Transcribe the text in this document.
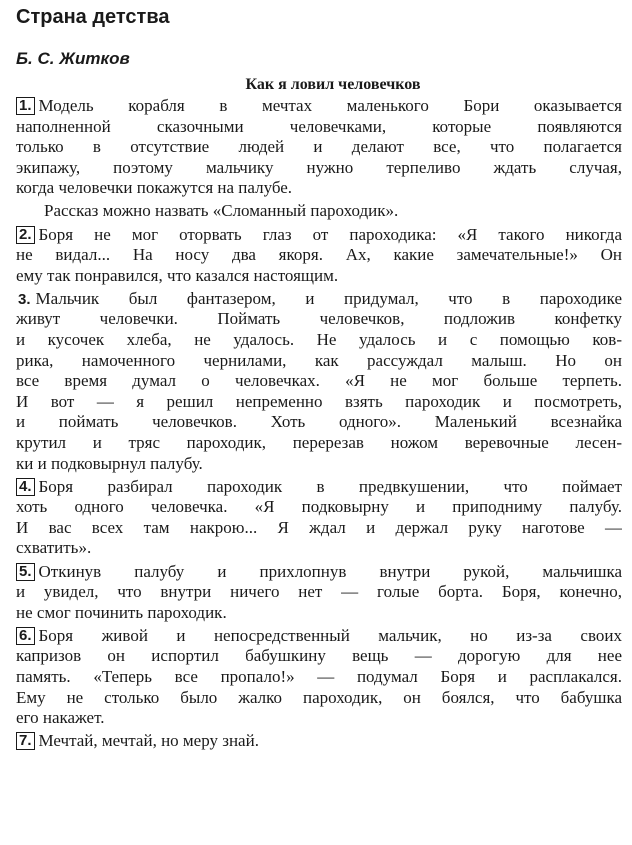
Страна детства
Б. С. Житков
Как я ловил человечков
1. Модель корабля в мечтах маленького Бори оказывается
наполненной сказочными человечками, которые появляются
только в отсутствие людей и делают все, что полагается
экипажу, поэтому мальчику нужно терпеливо ждать случая,
когда человечки покажутся на палубе.
Рассказ можно назвать «Сломанный пароходик».
2. Боря не мог оторвать глаз от пароходика: «Я такого никогда
не видал... На носу два якоря. Ах, какие замечательные!» Он
ему так понравился, что казался настоящим.
3. Мальчик был фантазером, и придумал, что в пароходике
живут человечки. Поймать человечков, подложив конфетку
и кусочек хлеба, не удалось. Не удалось и с помощью ков-
рика, намоченного чернилами, как рассуждал малыш. Но он
все время думал о человечках. «Я не мог больше терпеть.
И вот — я решил непременно взять пароходик и посмотреть,
и поймать человечков. Хоть одного». Маленький всезнайка
крутил и тряс пароходик, перерезав ножом веревочные лесен-
ки и подковырнул палубу.
4. Боря разбирал пароходик в предвкушении, что поймает
хоть одного человечка. «Я подковырну и приподниму палубу.
И вас всех там накрою... Я ждал и держал руку наготове —
схватить».
5. Откинув палубу и прихлопнув внутри рукой, мальчишка
и увидел, что внутри ничего нет — голые борта. Боря, конечно,
не смог починить пароходик.
6. Боря живой и непосредственный мальчик, но из-за своих
капризов он испортил бабушкину вещь — дорогую для нее
память. «Теперь все пропало!» — подумал Боря и расплакался.
Ему не столько было жалко пароходик, он боялся, что бабушка
его накажет.
7. Мечтай, мечтай, но меру знай.
